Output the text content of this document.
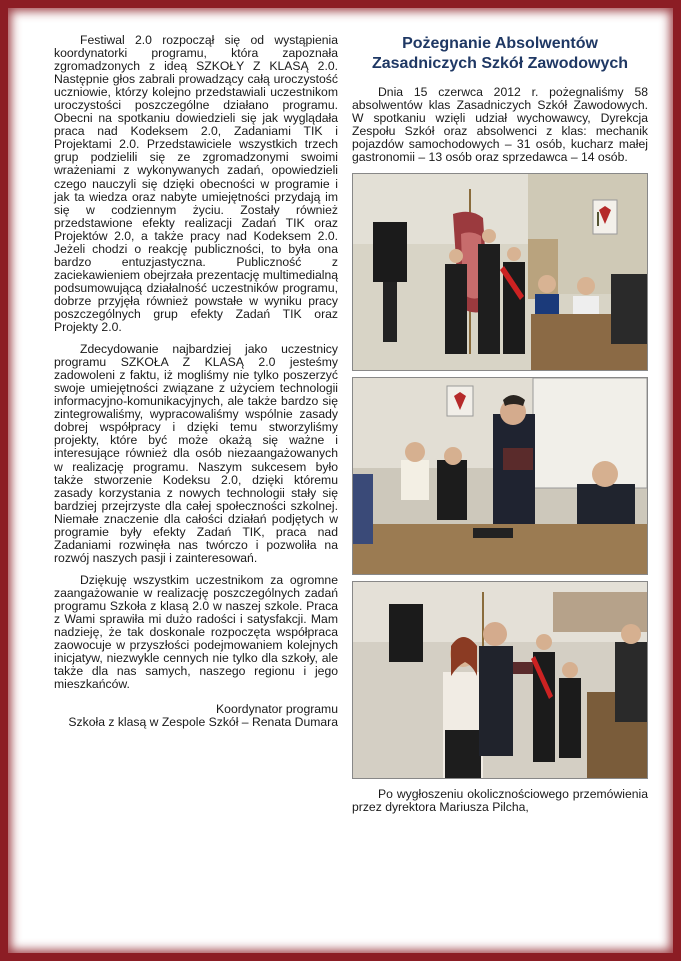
Festiwal 2.0 rozpoczął się od wystąpienia koordynatorki programu, która zapoznała zgromadzonych z ideą SZKOŁY Z KLASĄ 2.0. Następnie głos zabrali prowadzący całą uroczystość uczniowie, którzy kolejno przedstawiali uczestnikom uroczystości poszczególne działano programu. Obecni na spotkaniu dowiedzieli się jak wyglądała praca nad Kodeksem 2.0, Zadaniami TIK i Projektami 2.0. Przedstawiciele wszystkich trzech grup podzielili się ze zgromadzonymi swoimi wrażeniami z wykonywanych zadań, opowiedzieli czego nauczyli się dzięki obecności w programie i jak ta wiedza oraz nabyte umiejętności przydają im się w codziennym życiu. Zostały również przedstawione efekty realizacji Zadań TIK oraz Projektów 2.0, a także pracy nad Kodeksem 2.0. Jeżeli chodzi o reakcję publiczności, to była ona bardzo entuzjastyczna. Publiczność z zaciekawieniem obejrzała prezentację multimedialną podsumowującą działalność uczestników programu, dobrze przyjęła również powstałe w wyniku pracy poszczególnych grup efekty Zadań TIK oraz Projekty 2.0.

Zdecydowanie najbardziej jako uczestnicy programu SZKOŁA Z KLASĄ 2.0 jesteśmy zadowoleni z faktu, iż mogliśmy nie tylko poszerzyć swoje umiejętności związane z użyciem technologii informacyjno-komunikacyjnych, ale także bardzo się zintegrowaliśmy, wypracowaliśmy wspólnie zasady dobrej współpracy i dzięki temu stworzyliśmy projekty, które być może okażą się ważne i interesujące również dla osób niezaangażowanych w realizację programu. Naszym sukcesem było także stworzenie Kodeksu 2.0, dzięki któremu zasady korzystania z nowych technologii stały się bardziej przejrzyste dla całej społeczności szkolnej. Niemałe znaczenie dla całości działań podjętych w programie były efekty Zadań TIK, praca nad Zadaniami rozwinęła nas twórczo i pozwoliła na rozwój naszych pasji i zainteresowań.

Dziękuję wszystkim uczestnikom za ogromne zaangażowanie w realizację poszczególnych zadań programu Szkoła z klasą 2.0 w naszej szkole. Praca z Wami sprawiła mi dużo radości i satysfakcji. Mam nadzieję, że tak doskonale rozpoczęta współpraca zaowocuje w przyszłości podejmowaniem kolejnych inicjatyw, niezwykle cennych nie tylko dla szkoły, ale także dla nas samych, naszego regionu i jego mieszkańców.

Koordynator programu
Szkoła z klasą w Zespole Szkół – Renata Dumara
Pożegnanie Absolwentów
Zasadniczych Szkół Zawodowych

Dnia 15 czerwca 2012 r. pożegnaliśmy 58 absolwentów klas Zasadniczych Szkół Zawodowych. W spotkaniu wzięli udział wychowawcy, Dyrekcja Zespołu Szkół oraz absolwenci z klas: mechanik pojazdów samochodowych – 31 osób, kucharz małej gastronomii – 13 osób oraz sprzedawca – 14 osób.

Po wygłoszeniu okolicznościowego przemówienia przez dyrektora Mariusza Pilcha,
